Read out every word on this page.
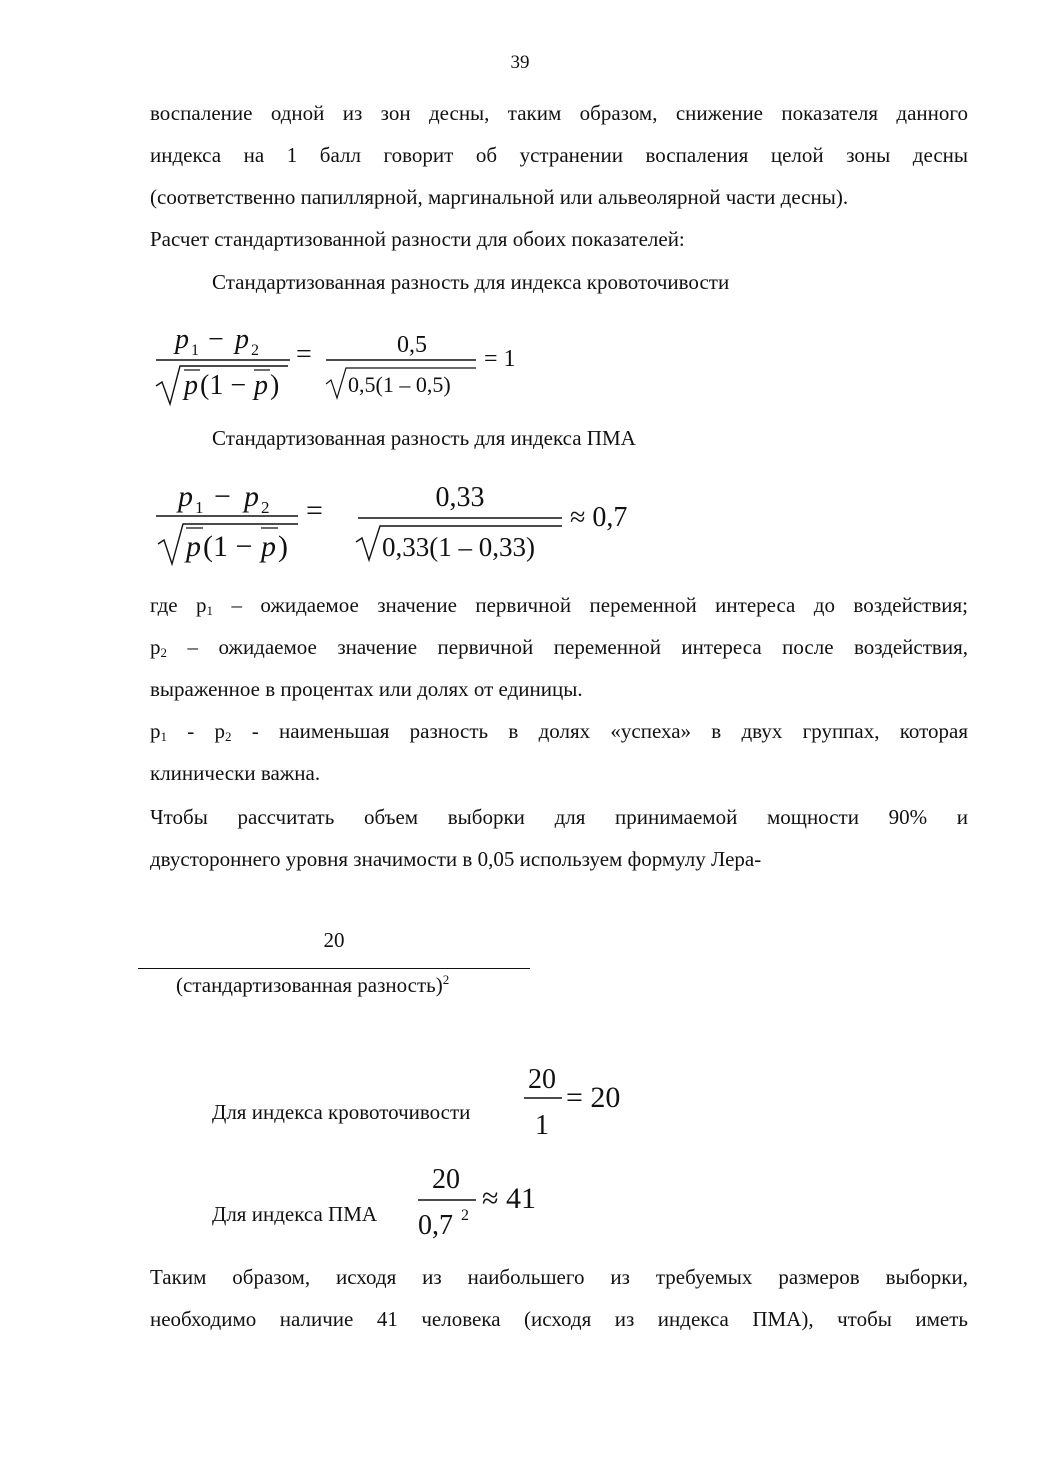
39
воспаление одной из зон десны, таким образом, снижение показателя данного
индекса на 1 балл говорит об устранении воспаления целой зоны десны
(соответственно папиллярной, маргинальной или альвеолярной части десны).
Расчет стандартизованной разности для обоих показателей:
Стандартизованная разность для индекса кровоточивости
p 1 − p 2
p (1 − p )
=	0,5
0,5(1 – 0,5)
= 1
Стандартизованная разность для индекса ПМА
p 1 − p 2
p (1 − p )
=	0,33
0,33(1 – 0,33)
≈ 0,7
где $p_1$ – ожидаемое значение первичной переменной интереса до воздействия;
$p_2$ – ожидаемое значение первичной переменной интереса после воздействия,
выраженное в процентах или долях от единицы.
$p_1 - p_2$ - наименьшая разность в долях «успеха» в двух группах, которая
клинически важна.
Чтобы рассчитать объем выборки для принимаемой мощности 90% и
двустороннего уровня значимости в 0,05 используем формулу Лера-
20
(стандартизованная разность)$^2$
Для индекса кровоточивости
20
1
= 20
Для индекса ПМА
20
0,7 2
≈ 41
Таким образом, исходя из наибольшего из требуемых размеров выборки,
необходимо наличие 41 человека (исходя из индекса ПМА), чтобы иметь
